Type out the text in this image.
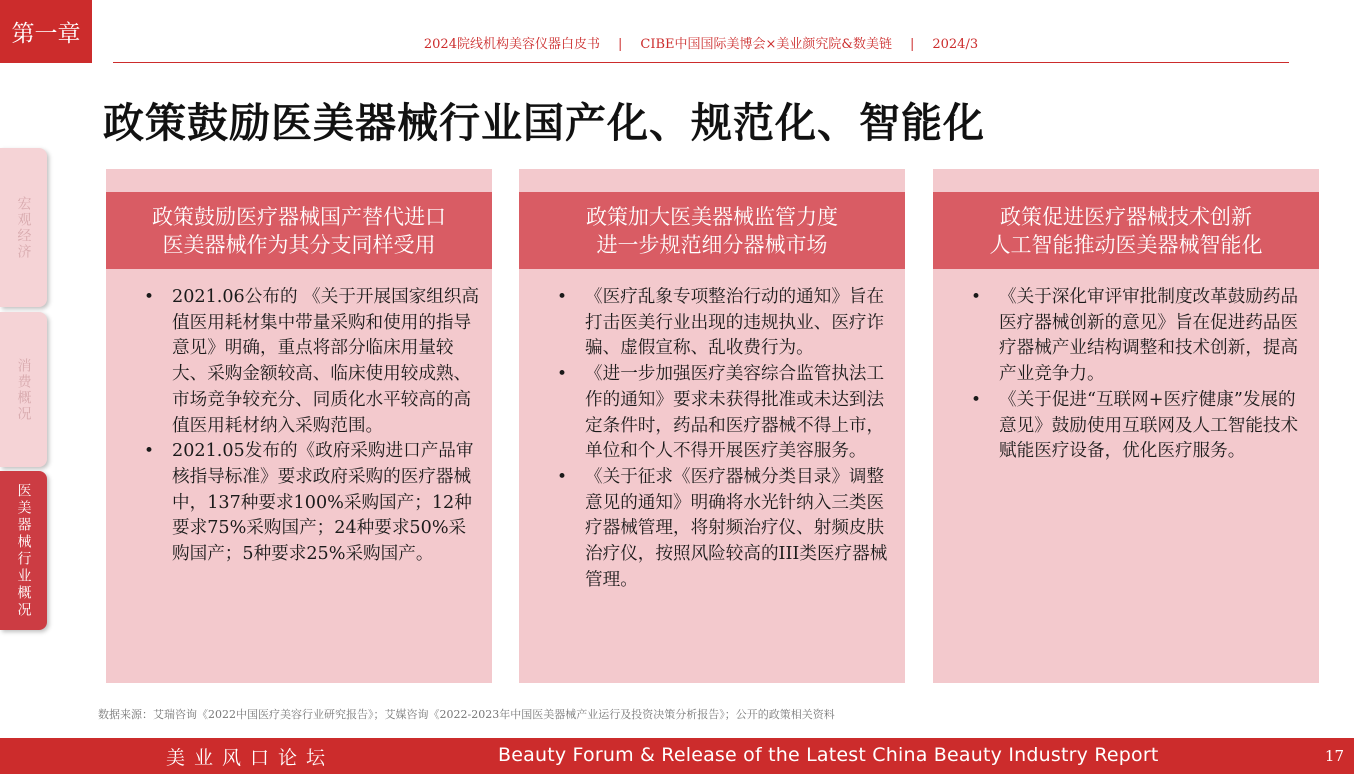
第一章	2024院线机构美容仪器白皮书 | CIBE中国国际美博会×美业颜究院&数美链 | 2024/3
政策鼓励医美器械行业国产化、规范化、智能化
宏观经济
消费概况
医美器械行业概况
政策鼓励医疗器械国产替代进口
医美器械作为其分支同样受用
• 2021.06公布的 《关于开展国家组织高值医用耗材集中带量采购和使用的指导意见》明确，重点将部分临床用量较大、采购金额较高、临床使用较成熟、市场竞争较充分、同质化水平较高的高值医用耗材纳入采购范围。
• 2021.05发布的《政府采购进口产品审核指导标准》要求政府采购的医疗器械中，137种要求100%采购国产；12种要求75%采购国产；24种要求50%采购国产；5种要求25%采购国产。
政策加大医美器械监管力度
进一步规范细分器械市场
• 《医疗乱象专项整治行动的通知》旨在打击医美行业出现的违规执业、医疗诈骗、虚假宣称、乱收费行为。
• 《进一步加强医疗美容综合监管执法工作的通知》要求未获得批准或未达到法定条件时，药品和医疗器械不得上市，单位和个人不得开展医疗美容服务。
• 《关于征求《医疗器械分类目录》调整意见的通知》明确将水光针纳入三类医疗器械管理，将射频治疗仪、射频皮肤治疗仪，按照风险较高的III类医疗器械管理。
政策促进医疗器械技术创新
人工智能推动医美器械智能化
• 《关于深化审评审批制度改革鼓励药品医疗器械创新的意见》旨在促进药品医疗器械产业结构调整和技术创新，提高产业竞争力。
• 《关于促进“互联网+医疗健康”发展的意见》鼓励使用互联网及人工智能技术赋能医疗设备，优化医疗服务。
数据来源：艾瑞咨询《2022中国医疗美容行业研究报告》；艾媒咨询《2022-2023年中国医美器械产业运行及投资决策分析报告》；公开的政策相关资料
美业风口论坛	Beauty Forum & Release of the Latest China Beauty Industry Report	17
